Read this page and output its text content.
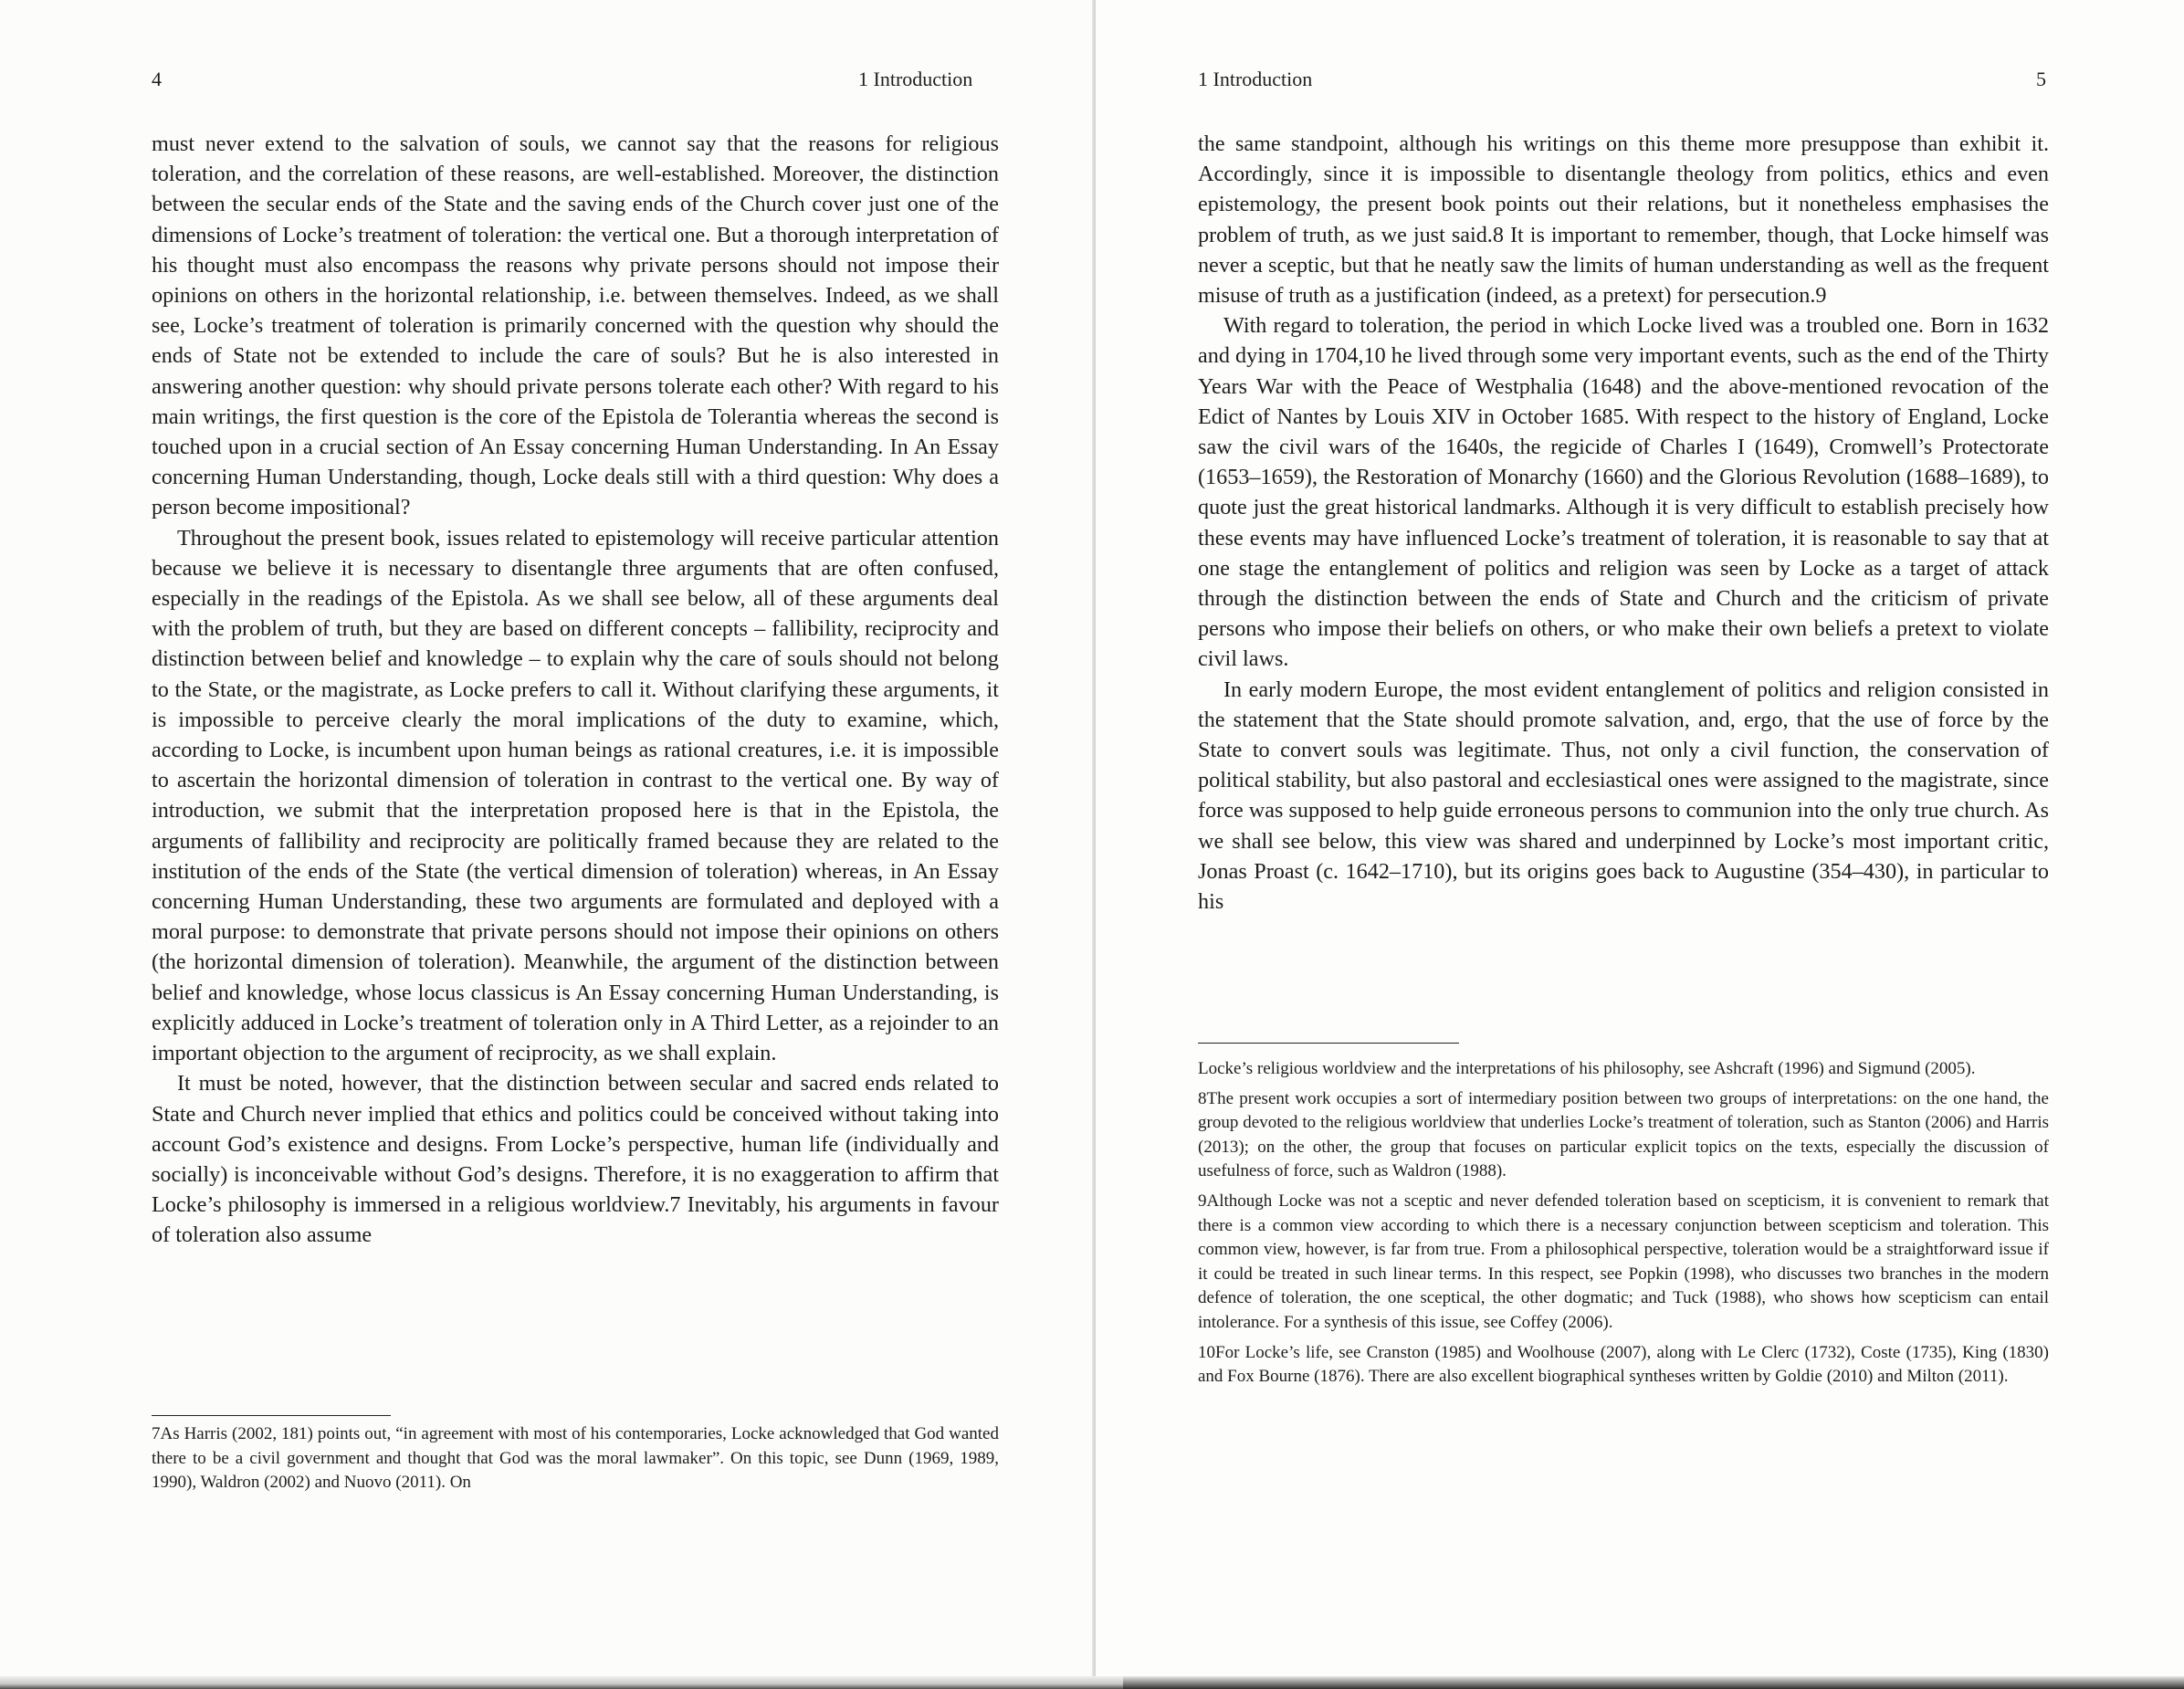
4	1 Introduction

must never extend to the salvation of souls, we cannot say that the reasons for religious toleration, and the correlation of these reasons, are well-established. Moreover, the distinction between the secular ends of the State and the saving ends of the Church cover just one of the dimensions of Locke’s treatment of toleration: the vertical one. But a thorough interpretation of his thought must also encompass the reasons why private persons should not impose their opinions on others in the horizontal relationship, i.e. between themselves. Indeed, as we shall see, Locke’s treatment of toleration is primarily concerned with the question why should the ends of State not be extended to include the care of souls? But he is also interested in answering another question: why should private persons tolerate each other? With regard to his main writings, the first question is the core of the Epistola de Tolerantia whereas the second is touched upon in a crucial section of An Essay concerning Human Understanding. In An Essay concerning Human Understanding, though, Locke deals still with a third question: Why does a person become impositional?

Throughout the present book, issues related to epistemology will receive particular attention because we believe it is necessary to disentangle three arguments that are often confused, especially in the readings of the Epistola. As we shall see below, all of these arguments deal with the problem of truth, but they are based on different concepts – fallibility, reciprocity and distinction between belief and knowledge – to explain why the care of souls should not belong to the State, or the magistrate, as Locke prefers to call it. Without clarifying these arguments, it is impossible to perceive clearly the moral implications of the duty to examine, which, according to Locke, is incumbent upon human beings as rational creatures, i.e. it is impossible to ascertain the horizontal dimension of toleration in contrast to the vertical one. By way of introduction, we submit that the interpretation proposed here is that in the Epistola, the arguments of fallibility and reciprocity are politically framed because they are related to the institution of the ends of the State (the vertical dimension of toleration) whereas, in An Essay concerning Human Understanding, these two arguments are formulated and deployed with a moral purpose: to demonstrate that private persons should not impose their opinions on others (the horizontal dimension of toleration). Meanwhile, the argument of the distinction between belief and knowledge, whose locus classicus is An Essay concerning Human Understanding, is explicitly adduced in Locke’s treatment of toleration only in A Third Letter, as a rejoinder to an important objection to the argument of reciprocity, as we shall explain.

It must be noted, however, that the distinction between secular and sacred ends related to State and Church never implied that ethics and politics could be conceived without taking into account God’s existence and designs. From Locke’s perspective, human life (individually and socially) is inconceivable without God’s designs. Therefore, it is no exaggeration to affirm that Locke’s philosophy is immersed in a religious worldview.7 Inevitably, his arguments in favour of toleration also assume

7As Harris (2002, 181) points out, “in agreement with most of his contemporaries, Locke acknowledged that God wanted there to be a civil government and thought that God was the moral lawmaker”. On this topic, see Dunn (1969, 1989, 1990), Waldron (2002) and Nuovo (2011). On

1 Introduction	5

the same standpoint, although his writings on this theme more presuppose than exhibit it. Accordingly, since it is impossible to disentangle theology from politics, ethics and even epistemology, the present book points out their relations, but it nonetheless emphasises the problem of truth, as we just said.8 It is important to remember, though, that Locke himself was never a sceptic, but that he neatly saw the limits of human understanding as well as the frequent misuse of truth as a justification (indeed, as a pretext) for persecution.9

With regard to toleration, the period in which Locke lived was a troubled one. Born in 1632 and dying in 1704,10 he lived through some very important events, such as the end of the Thirty Years War with the Peace of Westphalia (1648) and the above-mentioned revocation of the Edict of Nantes by Louis XIV in October 1685. With respect to the history of England, Locke saw the civil wars of the 1640s, the regicide of Charles I (1649), Cromwell’s Protectorate (1653–1659), the Restoration of Monarchy (1660) and the Glorious Revolution (1688–1689), to quote just the great historical landmarks. Although it is very difficult to establish precisely how these events may have influenced Locke’s treatment of toleration, it is reasonable to say that at one stage the entanglement of politics and religion was seen by Locke as a target of attack through the distinction between the ends of State and Church and the criticism of private persons who impose their beliefs on others, or who make their own beliefs a pretext to violate civil laws.

In early modern Europe, the most evident entanglement of politics and religion consisted in the statement that the State should promote salvation, and, ergo, that the use of force by the State to convert souls was legitimate. Thus, not only a civil function, the conservation of political stability, but also pastoral and ecclesiastical ones were assigned to the magistrate, since force was supposed to help guide erroneous persons to communion into the only true church. As we shall see below, this view was shared and underpinned by Locke’s most important critic, Jonas Proast (c. 1642–1710), but its origins goes back to Augustine (354–430), in particular to his

Locke’s religious worldview and the interpretations of his philosophy, see Ashcraft (1996) and Sigmund (2005).

8The present work occupies a sort of intermediary position between two groups of interpretations: on the one hand, the group devoted to the religious worldview that underlies Locke’s treatment of toleration, such as Stanton (2006) and Harris (2013); on the other, the group that focuses on particular explicit topics on the texts, especially the discussion of usefulness of force, such as Waldron (1988).

9Although Locke was not a sceptic and never defended toleration based on scepticism, it is convenient to remark that there is a common view according to which there is a necessary conjunction between scepticism and toleration. This common view, however, is far from true. From a philosophical perspective, toleration would be a straightforward issue if it could be treated in such linear terms. In this respect, see Popkin (1998), who discusses two branches in the modern defence of toleration, the one sceptical, the other dogmatic; and Tuck (1988), who shows how scepticism can entail intolerance. For a synthesis of this issue, see Coffey (2006).

10For Locke’s life, see Cranston (1985) and Woolhouse (2007), along with Le Clerc (1732), Coste (1735), King (1830) and Fox Bourne (1876). There are also excellent biographical syntheses written by Goldie (2010) and Milton (2011).
